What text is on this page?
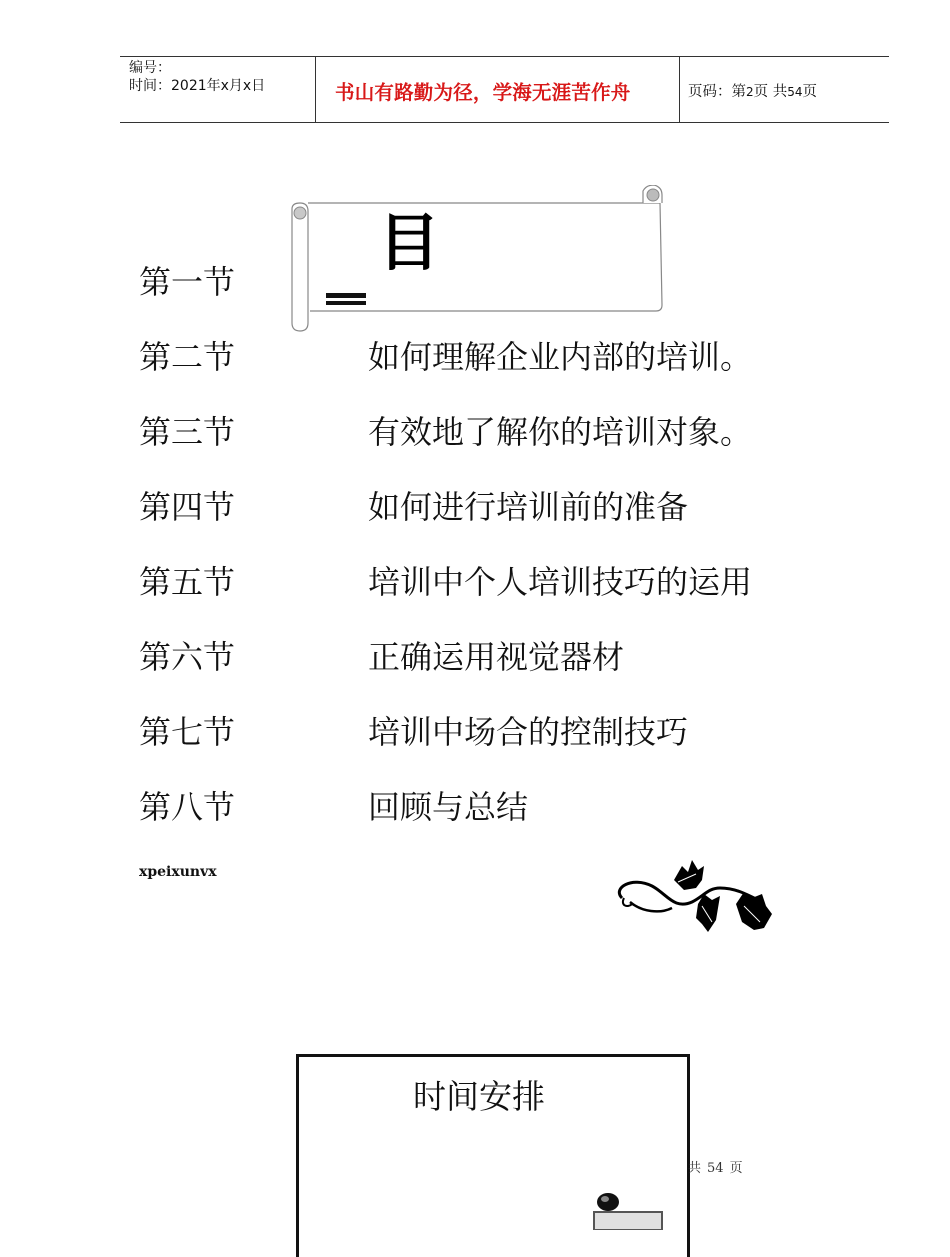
编号：
时间：2021年x月x日	书山有路勤为径，学海无涯苦作舟	页码：第2页 共54页
目
第一节
第二节	如何理解企业内部的培训。
第三节	有效地了解你的培训对象。
第四节	如何进行培训前的准备
第五节	培训中个人培训技巧的运用
第六节	正确运用视觉器材
第七节	培训中场合的控制技巧
第八节	回顾与总结
xpeixunvx
时间安排
共 54 页
